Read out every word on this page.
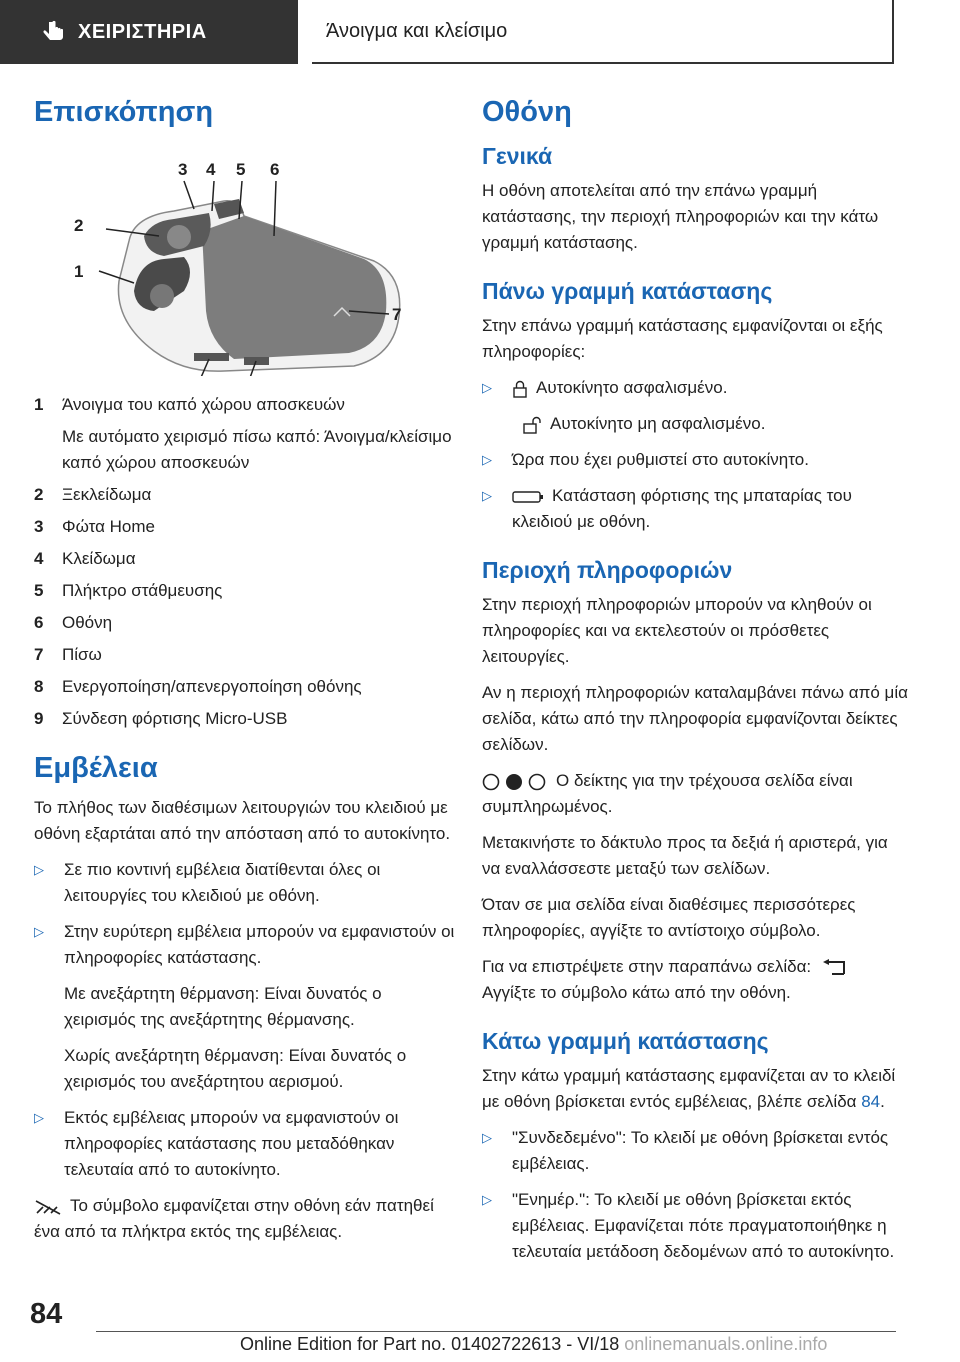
ΧΕΙΡΙΣΤΗΡΙΑ	Άνοιγμα και κλείσιμο
Επισκόπηση
1
2
3 4 5 6
7
1	Άνοιγμα του καπό χώρου αποσκευών
Με αυτόματο χειρισμό πίσω καπό: Άνοιγμα/κλείσιμο καπό χώρου αποσκευών
2	Ξεκλείδωμα
3	Φώτα Home
4	Κλείδωμα
5	Πλήκτρο στάθμευσης
6	Οθόνη
7	Πίσω
8	Ενεργοποίηση/απενεργοποίηση οθόνης
9	Σύνδεση φόρτισης Micro-USB
Εμβέλεια

Το πλήθος των διαθέσιμων λειτουργιών του κλειδιού με οθόνη εξαρτάται από την απόσταση από το αυτοκίνητο.

▷	Σε πιο κοντινή εμβέλεια διατίθενται όλες οι λειτουργίες του κλειδιού με οθόνη.
▷	Στην ευρύτερη εμβέλεια μπορούν να εμφανιστούν οι πληροφορίες κατάστασης.
Με ανεξάρτητη θέρμανση: Είναι δυνατός ο χειρισμός της ανεξάρτητης θέρμανσης.
Χωρίς ανεξάρτητη θέρμανση: Είναι δυνατός ο χειρισμός του ανεξάρτητου αερισμού.
▷	Εκτός εμβέλειας μπορούν να εμφανιστούν οι πληροφορίες κατάστασης που μεταδόθηκαν τελευταία από το αυτοκίνητο.

Το σύμβολο εμφανίζεται στην οθόνη εάν πατηθεί ένα από τα πλήκτρα εκτός της εμβέλειας.

Οθόνη
Γενικά

Η οθόνη αποτελείται από την επάνω γραμμή κατάστασης, την περιοχή πληροφοριών και την κάτω γραμμή κατάστασης.

Πάνω γραμμή κατάστασης

Στην επάνω γραμμή κατάστασης εμφανίζονται οι εξής πληροφορίες:

▷	Αυτοκίνητο ασφαλισμένο.
Αυτοκίνητο μη ασφαλισμένο.
▷	Ώρα που έχει ρυθμιστεί στο αυτοκίνητο.
▷	Κατάσταση φόρτισης της μπαταρίας του κλειδιού με οθόνη.
Περιοχή πληροφοριών

Στην περιοχή πληροφοριών μπορούν να κληθούν οι πληροφορίες και να εκτελεστούν οι πρόσθετες λειτουργίες.

Αν η περιοχή πληροφοριών καταλαμβάνει πάνω από μία σελίδα, κάτω από την πληροφορία εμφανίζονται δείκτες σελίδων.

Ο δείκτης για την τρέχουσα σελίδα είναι συμπληρωμένος.

Μετακινήστε το δάκτυλο προς τα δεξιά ή αριστερά, για να εναλλάσσεστε μεταξύ των σελίδων.

Όταν σε μια σελίδα είναι διαθέσιμες περισσότερες πληροφορίες, αγγίξτε το αντίστοιχο σύμβολο.

Για να επιστρέψετε στην παραπάνω σελίδα:
Αγγίξτε το σύμβολο κάτω από την οθόνη.

Κάτω γραμμή κατάστασης

Στην κάτω γραμμή κατάστασης εμφανίζεται αν το κλειδί με οθόνη βρίσκεται εντός εμβέλειας, βλέπε σελίδα 84.

▷	"Συνδεδεμένο": Το κλειδί με οθόνη βρίσκεται εντός εμβέλειας.
▷	"Ενημέρ.": Το κλειδί με οθόνη βρίσκεται εκτός εμβέλειας. Εμφανίζεται πότε πραγματοποιήθηκε η τελευταία μετάδοση δεδομένων από το αυτοκίνητο.
84
Online Edition for Part no. 01402722613 - VI/18 onlinemanuals.online.info
